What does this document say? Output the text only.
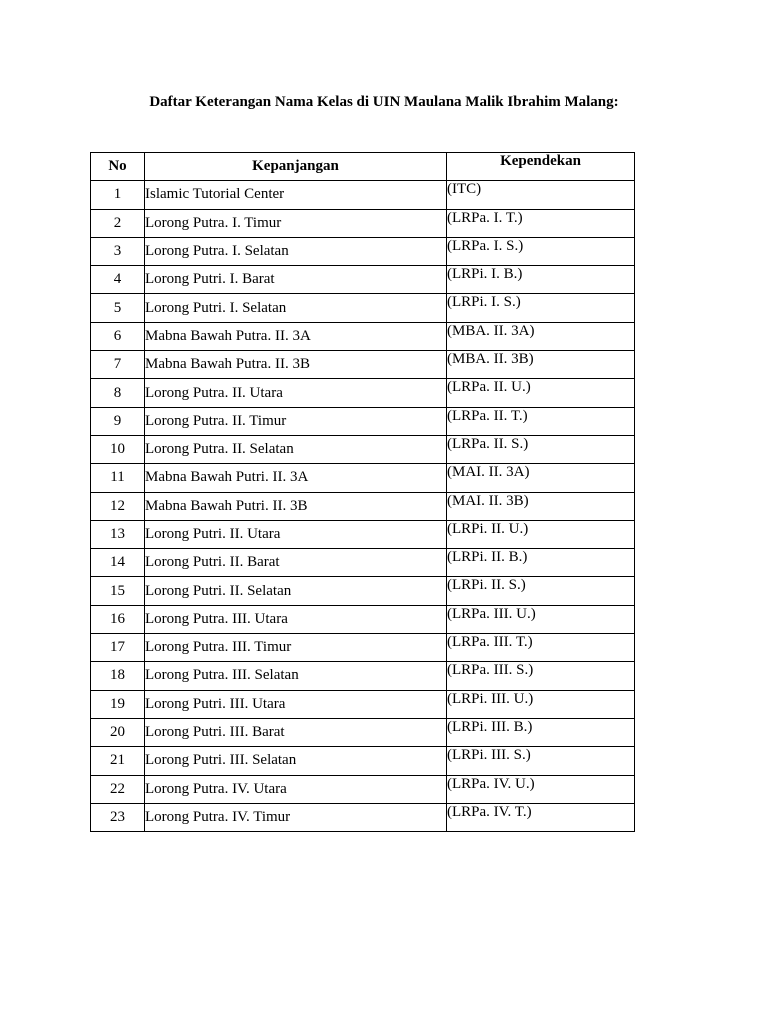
Daftar Keterangan Nama Kelas di UIN Maulana Malik Ibrahim Malang:
No	Kepanjangan	Kependekan
1	Islamic Tutorial Center	(ITC)
2	Lorong Putra. I. Timur	(LRPa. I. T.)
3	Lorong Putra. I. Selatan	(LRPa. I. S.)
4	Lorong Putri. I. Barat	(LRPi. I. B.)
5	Lorong Putri. I. Selatan	(LRPi. I. S.)
6	Mabna Bawah Putra. II. 3A	(MBA. II. 3A)
7	Mabna Bawah Putra. II. 3B	(MBA. II. 3B)
8	Lorong Putra. II. Utara	(LRPa. II. U.)
9	Lorong Putra. II. Timur	(LRPa. II. T.)
10	Lorong Putra. II. Selatan	(LRPa. II. S.)
11	Mabna Bawah Putri. II. 3A	(MAI. II. 3A)
12	Mabna Bawah Putri. II. 3B	(MAI. II. 3B)
13	Lorong Putri. II. Utara	(LRPi. II. U.)
14	Lorong Putri. II. Barat	(LRPi. II. B.)
15	Lorong Putri. II. Selatan	(LRPi. II. S.)
16	Lorong Putra. III. Utara	(LRPa. III. U.)
17	Lorong Putra. III. Timur	(LRPa. III. T.)
18	Lorong Putra. III. Selatan	(LRPa. III. S.)
19	Lorong Putri. III. Utara	(LRPi. III. U.)
20	Lorong Putri. III. Barat	(LRPi. III. B.)
21	Lorong Putri. III. Selatan	(LRPi. III. S.)
22	Lorong Putra. IV. Utara	(LRPa. IV. U.)
23	Lorong Putra. IV. Timur	(LRPa. IV. T.)
